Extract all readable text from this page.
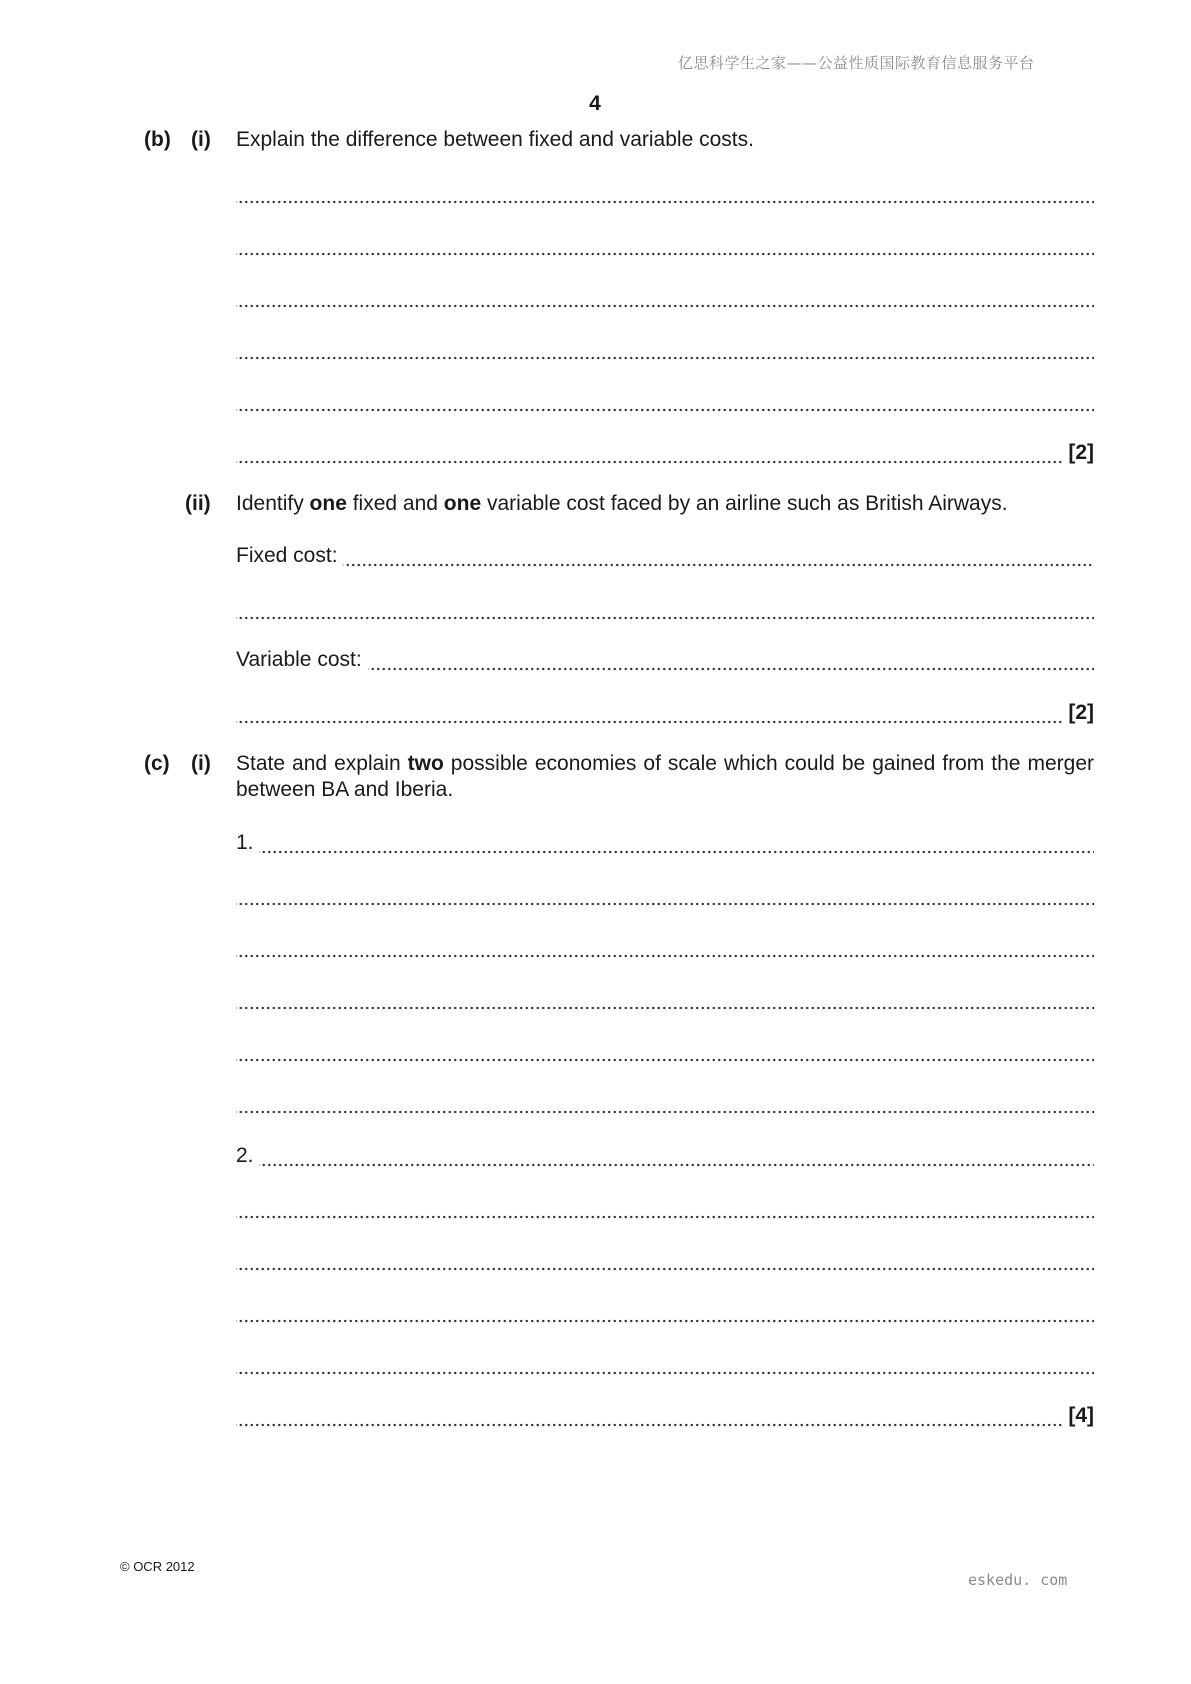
亿思科学生之家——公益性质国际教育信息服务平台
4
(b) (i) Explain the difference between fixed and variable costs.
[2]
(ii) Identify one fixed and one variable cost faced by an airline such as British Airways.
Fixed cost:
Variable cost:
[2]
(c) (i) State and explain two possible economies of scale which could be gained from the merger between BA and Iberia.
1.
2.
[4]
© OCR 2012
eskedu. com
